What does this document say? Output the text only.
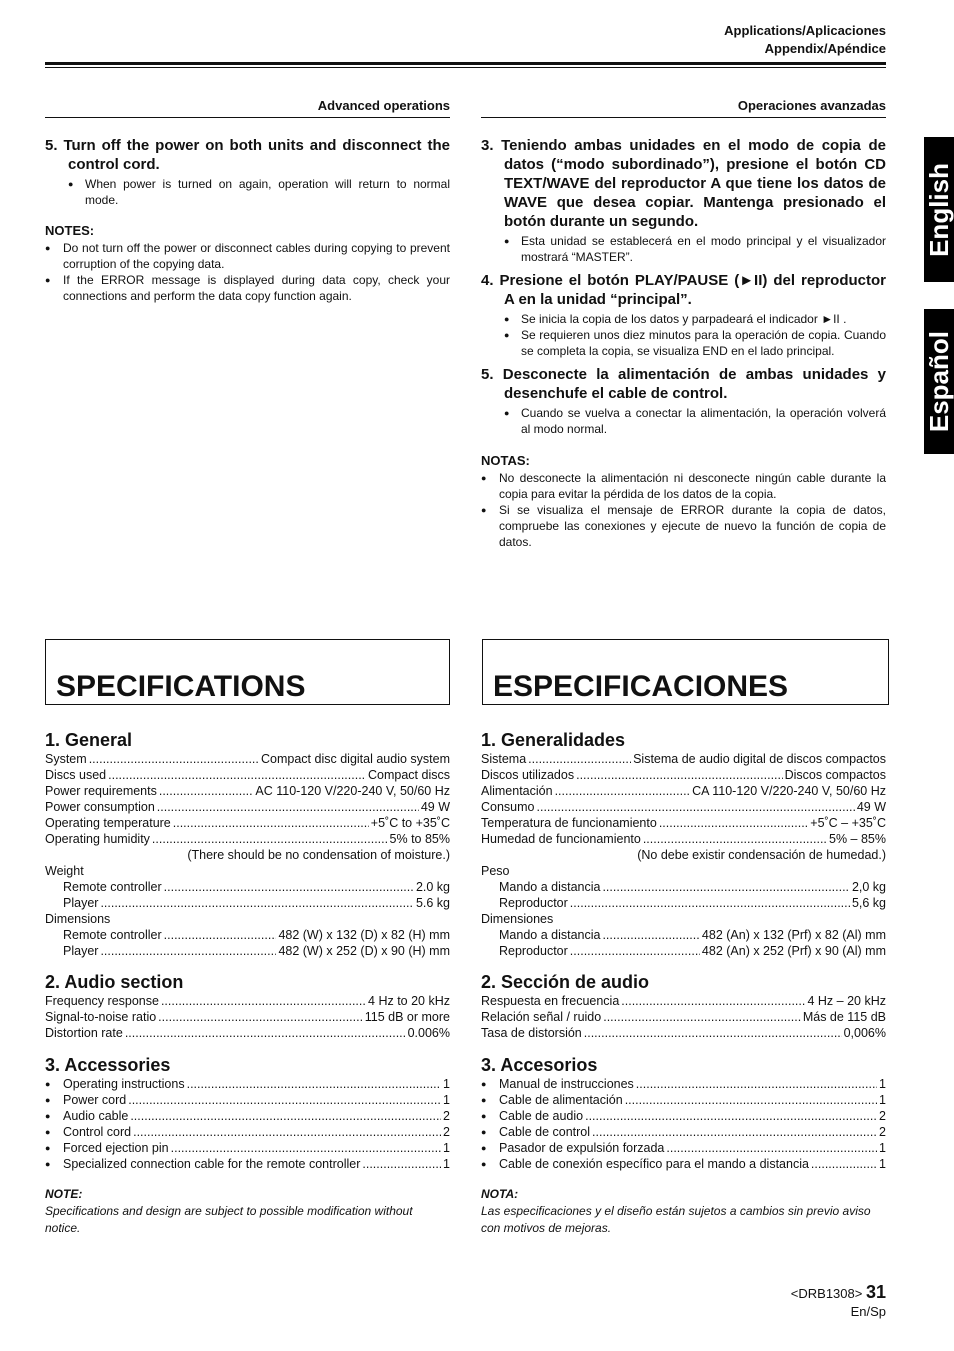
Applications/Aplicaciones
Appendix/Apéndice
English
Español
Advanced operations

5. Turn off the power on both units and disconnect the control cord.

● When power is turned on again, operation will return to normal mode.

NOTES:

● Do not turn off the power or disconnect cables during copying to prevent corruption of the copying data.

● If the ERROR message is displayed during data copy, check your connections and perform the data copy function again.

Operaciones avanzadas

3. Teniendo ambas unidades en el modo de copia de datos (“modo subordinado”), presione el botón CD TEXT/WAVE del reproductor A que tiene los datos de WAVE que desea copiar. Mantenga presionado el botón durante un segundo.

● Esta unidad se establecerá en el modo principal y el visualizador mostrará “MASTER”.

4. Presione el botón PLAY/PAUSE (►II) del reproductor A en la unidad “principal”.

● Se inicia la copia de los datos y parpadeará el indicador ►II .

● Se requieren unos diez minutos para la operación de copia. Cuando se completa la copia, se visualiza END en el lado principal.

5. Desconecte la alimentación de ambas unidades y desenchufe el cable de control.

● Cuando se vuelva a conectar la alimentación, la operación volverá al modo normal.

NOTAS:

● No desconecte la alimentación ni desconecte ningún cable durante la copia para evitar la pérdida de los datos de la copia.

● Si se visualiza el mensaje de ERROR durante la copia de datos, compruebe las conexiones y ejecute de nuevo la función de copia de datos.

SPECIFICATIONS

1. General

System .....	Compact disc digital audio system
Discs used .....	Compact discs
Power requirements .....	AC 110-120 V/220-240 V, 50/60 Hz
Power consumption .....	49 W
Operating temperature .....	+5˚C to +35˚C
Operating humidity .....	5% to 85%
(There should be no condensation of moisture.)
Weight
Remote controller .....	2.0 kg
Player .....	5.6 kg
Dimensions
Remote controller .....	482 (W) x 132 (D) x 82 (H) mm
Player .....	482 (W) x 252 (D) x 90 (H) mm

2. Audio section

Frequency response .....	4 Hz to 20 kHz
Signal-to-noise ratio .....	115 dB or more
Distortion rate .....	0.006%

3. Accessories

● Operating instructions .....	1
● Power cord .....	1
● Audio cable .....	2
● Control cord .....	2
● Forced ejection pin .....	1
● Specialized connection cable for the remote controller .....	1
NOTE:
Specifications and design are subject to possible modification without notice.
ESPECIFICACIONES

1. Generalidades

Sistema .....	Sistema de audio digital de discos compactos
Discos utilizados .....	Discos compactos
Alimentación .....	CA 110-120 V/220-240 V, 50/60 Hz
Consumo .....	49 W
Temperatura de funcionamiento .....	+5˚C – +35˚C
Humedad de funcionamiento .....	5% – 85%
(No debe existir condensación de humedad.)
Peso
Mando a distancia .....	2,0 kg
Reproductor .....	5,6 kg
Dimensiones
Mando a distancia .....	482 (An) x 132 (Prf) x 82 (Al) mm
Reproductor .....	482 (An) x 252 (Prf) x 90 (Al) mm

2. Sección de audio

Respuesta en frecuencia .....	4 Hz – 20 kHz
Relación señal / ruido .....	Más de 115 dB
Tasa de distorsión .....	0,006%

3. Accesorios

● Manual de instrucciones .....	1
● Cable de alimentación .....	1
● Cable de audio .....	2
● Cable de control .....	2
● Pasador de expulsión forzada .....	1
● Cable de conexión específico para el mando a distancia .....	1
NOTA:
Las especificaciones y el diseño están sujetos a cambios sin previo aviso con motivos de mejoras.
<DRB1308> 31
En/Sp
